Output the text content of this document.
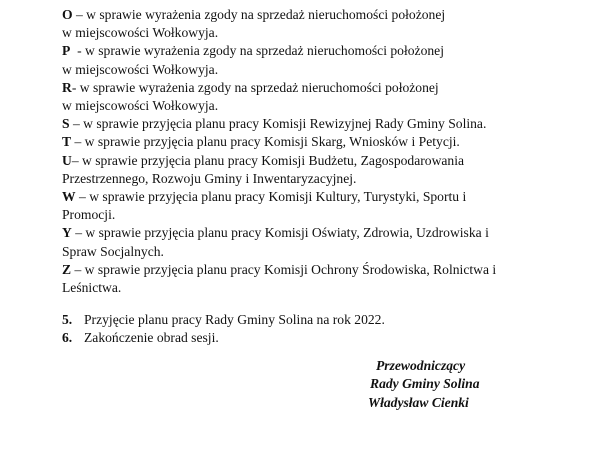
O – w sprawie wyrażenia zgody na sprzedaż nieruchomości położonej

w miejscowości Wołkowyja.

P - w sprawie wyrażenia zgody na sprzedaż nieruchomości położonej

w miejscowości Wołkowyja.

R- w sprawie wyrażenia zgody na sprzedaż nieruchomości położonej

w miejscowości Wołkowyja.

S – w sprawie przyjęcia planu pracy Komisji Rewizyjnej Rady Gminy Solina.

T – w sprawie przyjęcia planu pracy Komisji Skarg, Wniosków i Petycji.

U– w sprawie przyjęcia planu pracy Komisji Budżetu, Zagospodarowania

Przestrzennego, Rozwoju Gminy i Inwentaryzacyjnej.

W – w sprawie przyjęcia planu pracy Komisji Kultury, Turystyki, Sportu i

Promocji.

Y – w sprawie przyjęcia planu pracy Komisji Oświaty, Zdrowia, Uzdrowiska i

Spraw Socjalnych.

Z – w sprawie przyjęcia planu pracy Komisji Ochrony Środowiska, Rolnictwa i

Leśnictwa.

5. Przyjęcie planu pracy Rady Gminy Solina na rok 2022.

6. Zakończenie obrad sesji.

Przewodniczący
Rady Gminy Solina
Władysław Cienki
